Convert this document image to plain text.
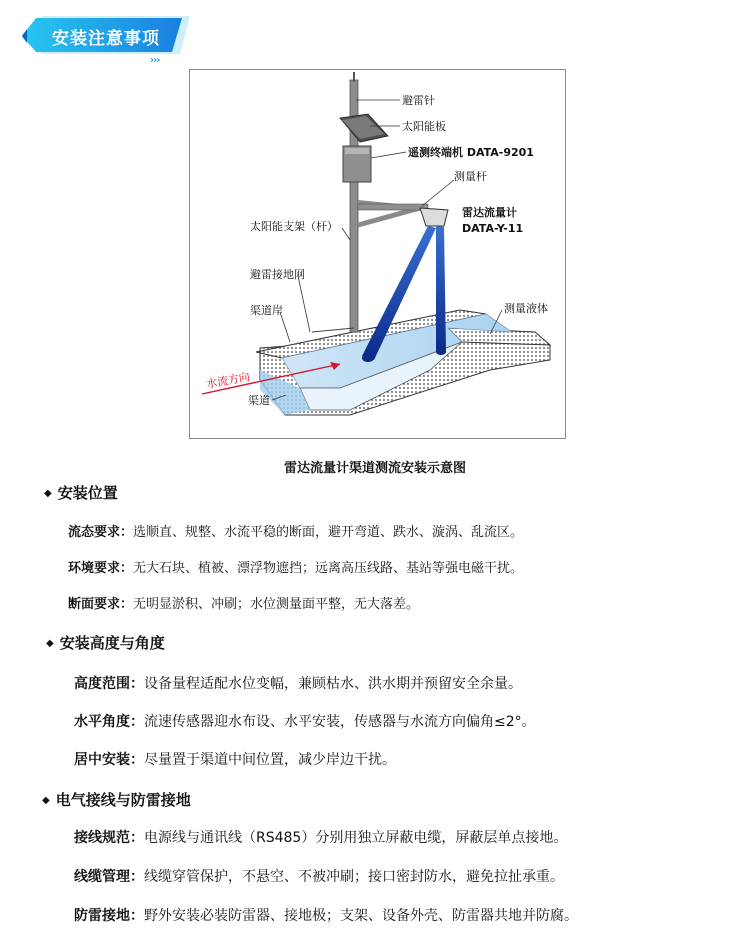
安装注意事项
›››
避雷针
太阳能板
遥测终端机 DATA-9201
测量杆
雷达流量计
DATA-Y-11
太阳能支架（杆）
避雷接地网
渠道岸	测量液体
水流方向
渠道
雷达流量计渠道测流安装示意图
◆ 安装位置
流态要求：选顺直、规整、水流平稳的断面，避开弯道、跌水、漩涡、乱流区。
环境要求：无大石块、植被、漂浮物遮挡；远离高压线路、基站等强电磁干扰。
断面要求：无明显淤积、冲刷；水位测量面平整，无大落差。
◆ 安装高度与角度
高度范围：设备量程适配水位变幅，兼顾枯水、洪水期并预留安全余量。
水平角度：流速传感器迎水布设、水平安装，传感器与水流方向偏角≤2°。
居中安装：尽量置于渠道中间位置，减少岸边干扰。
◆ 电气接线与防雷接地
接线规范：电源线与通讯线（RS485）分别用独立屏蔽电缆，屏蔽层单点接地。
线缆管理：线缆穿管保护，不悬空、不被冲刷；接口密封防水，避免拉扯承重。
防雷接地：野外安装必装防雷器、接地极；支架、设备外壳、防雷器共地并防腐。
